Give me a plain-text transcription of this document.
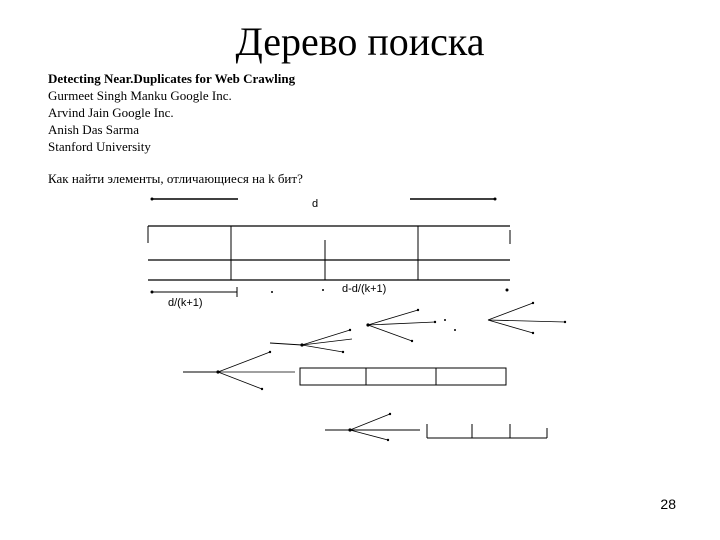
Дерево поиска
Detecting Near.Duplicates for Web Crawling
Gurmeet Singh Manku Google Inc.
Arvind Jain Google Inc.
Anish Das Sarma
Stanford University
Как найти элементы, отличающиеся на k бит?
d
d/(k+1)
d-d/(k+1)
28
